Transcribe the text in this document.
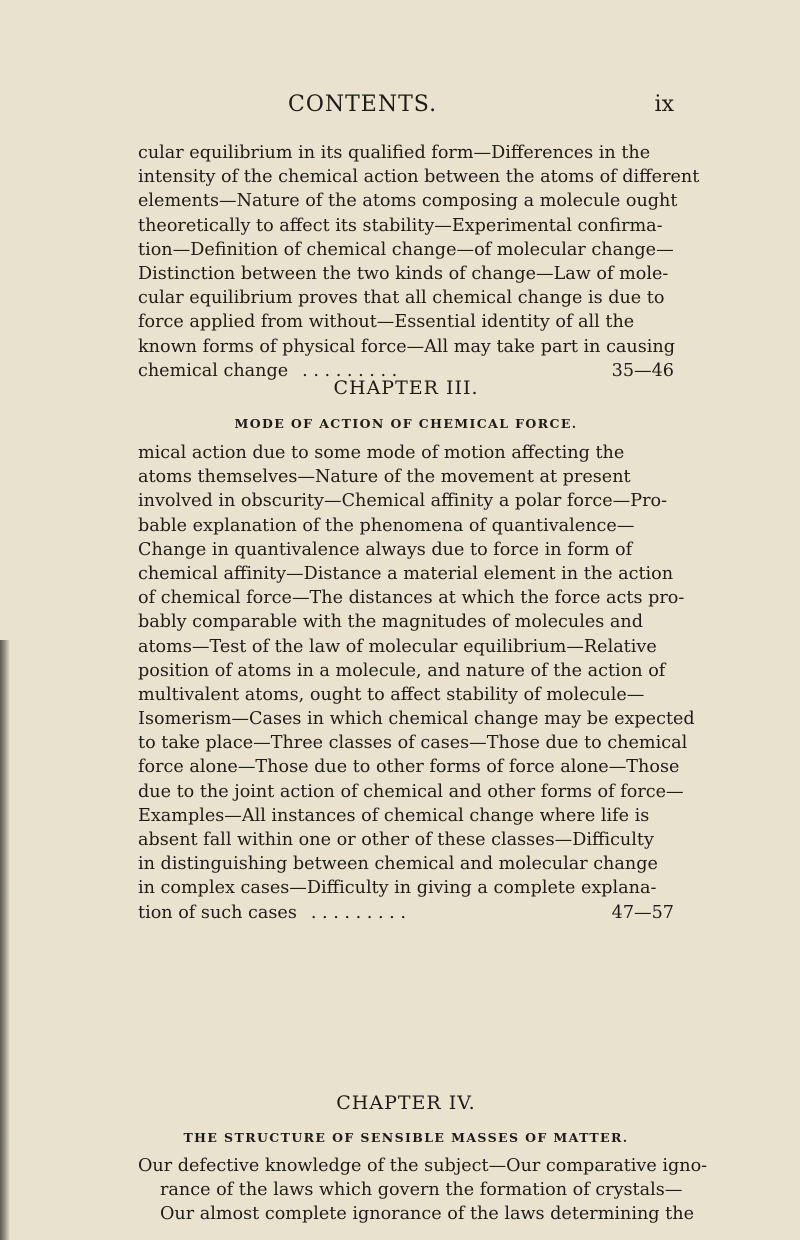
CONTENTS.	ix
cular equilibrium in its qualified form—Differences in the
intensity of the chemical action between the atoms of different
elements—Nature of the atoms composing a molecule ought
theoretically to affect its stability—Experimental confirma-
tion—Definition of chemical change—of molecular change—
Distinction between the two kinds of change—Law of mole-
cular equilibrium proves that all chemical change is due to
force applied from without—Essential identity of all the
known forms of physical force—All may take part in causing
chemical change . . . . . . . . .	35—46
CHAPTER III.
MODE OF ACTION OF CHEMICAL FORCE.
mical action due to some mode of motion affecting the
atoms themselves—Nature of the movement at present
involved in obscurity—Chemical affinity a polar force—Pro-
bable explanation of the phenomena of quantivalence—
Change in quantivalence always due to force in form of
chemical affinity—Distance a material element in the action
of chemical force—The distances at which the force acts pro-
bably comparable with the magnitudes of molecules and
atoms—Test of the law of molecular equilibrium—Relative
position of atoms in a molecule, and nature of the action of
multivalent atoms, ought to affect stability of molecule—
Isomerism—Cases in which chemical change may be expected
to take place—Three classes of cases—Those due to chemical
force alone—Those due to other forms of force alone—Those
due to the joint action of chemical and other forms of force—
Examples—All instances of chemical change where life is
absent fall within one or other of these classes—Difficulty
in distinguishing between chemical and molecular change
in complex cases—Difficulty in giving a complete explana-
tion of such cases . . . . . . . . .	47—57
CHAPTER IV.
THE STRUCTURE OF SENSIBLE MASSES OF MATTER.
Our defective knowledge of the subject—Our comparative igno-
rance of the laws which govern the formation of crystals—
Our almost complete ignorance of the laws determining the
